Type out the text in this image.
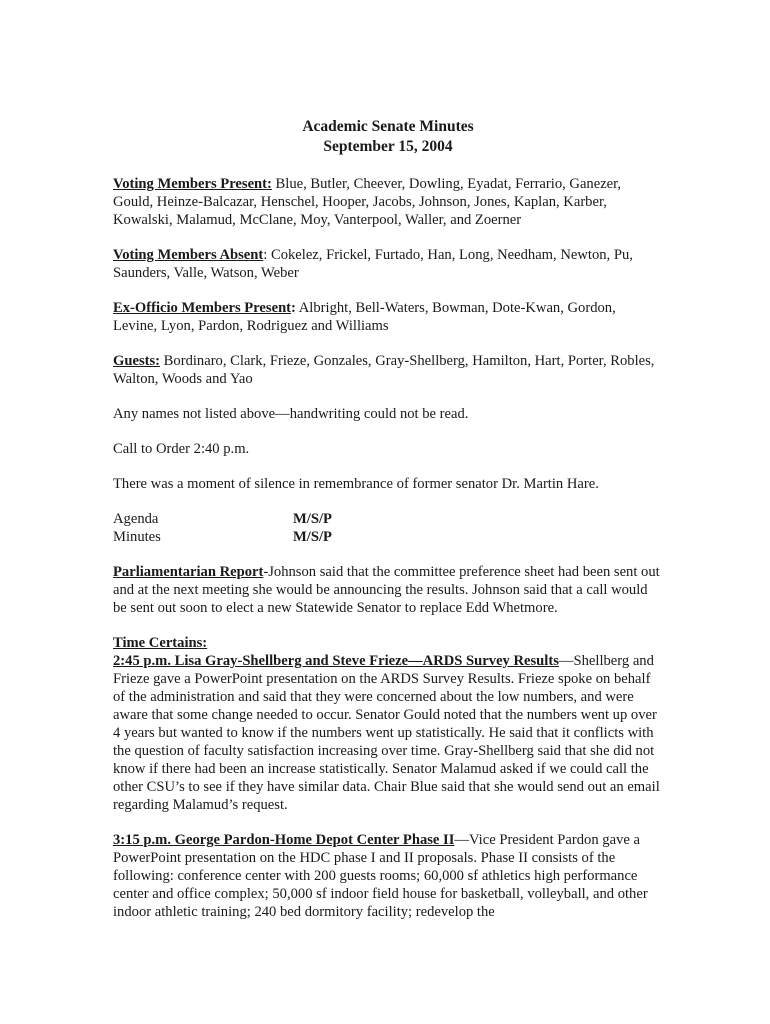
Academic Senate Minutes
September 15, 2004

Voting Members Present: Blue, Butler, Cheever, Dowling, Eyadat, Ferrario, Ganezer, Gould, Heinze-Balcazar, Henschel, Hooper, Jacobs, Johnson, Jones, Kaplan, Karber, Kowalski, Malamud, McClane, Moy, Vanterpool, Waller, and Zoerner

Voting Members Absent: Cokelez, Frickel, Furtado, Han, Long, Needham, Newton, Pu, Saunders, Valle, Watson, Weber

Ex-Officio Members Present: Albright, Bell-Waters, Bowman, Dote-Kwan, Gordon, Levine, Lyon, Pardon, Rodriguez and Williams

Guests: Bordinaro, Clark, Frieze, Gonzales, Gray-Shellberg, Hamilton, Hart, Porter, Robles, Walton, Woods and Yao

Any names not listed above—handwriting could not be read.

Call to Order 2:40 p.m.

There was a moment of silence in remembrance of former senator Dr. Martin Hare.

Agenda	M/S/P
Minutes	M/S/P

Parliamentarian Report-Johnson said that the committee preference sheet had been sent out and at the next meeting she would be announcing the results. Johnson said that a call would be sent out soon to elect a new Statewide Senator to replace Edd Whetmore.

Time Certains:
2:45 p.m. Lisa Gray-Shellberg and Steve Frieze—ARDS Survey Results—Shellberg and Frieze gave a PowerPoint presentation on the ARDS Survey Results. Frieze spoke on behalf of the administration and said that they were concerned about the low numbers, and were aware that some change needed to occur. Senator Gould noted that the numbers went up over 4 years but wanted to know if the numbers went up statistically. He said that it conflicts with the question of faculty satisfaction increasing over time. Gray-Shellberg said that she did not know if there had been an increase statistically. Senator Malamud asked if we could call the other CSU’s to see if they have similar data. Chair Blue said that she would send out an email regarding Malamud’s request.

3:15 p.m. George Pardon-Home Depot Center Phase II—Vice President Pardon gave a PowerPoint presentation on the HDC phase I and II proposals. Phase II consists of the following: conference center with 200 guests rooms; 60,000 sf athletics high performance center and office complex; 50,000 sf indoor field house for basketball, volleyball, and other indoor athletic training; 240 bed dormitory facility; redevelop the
